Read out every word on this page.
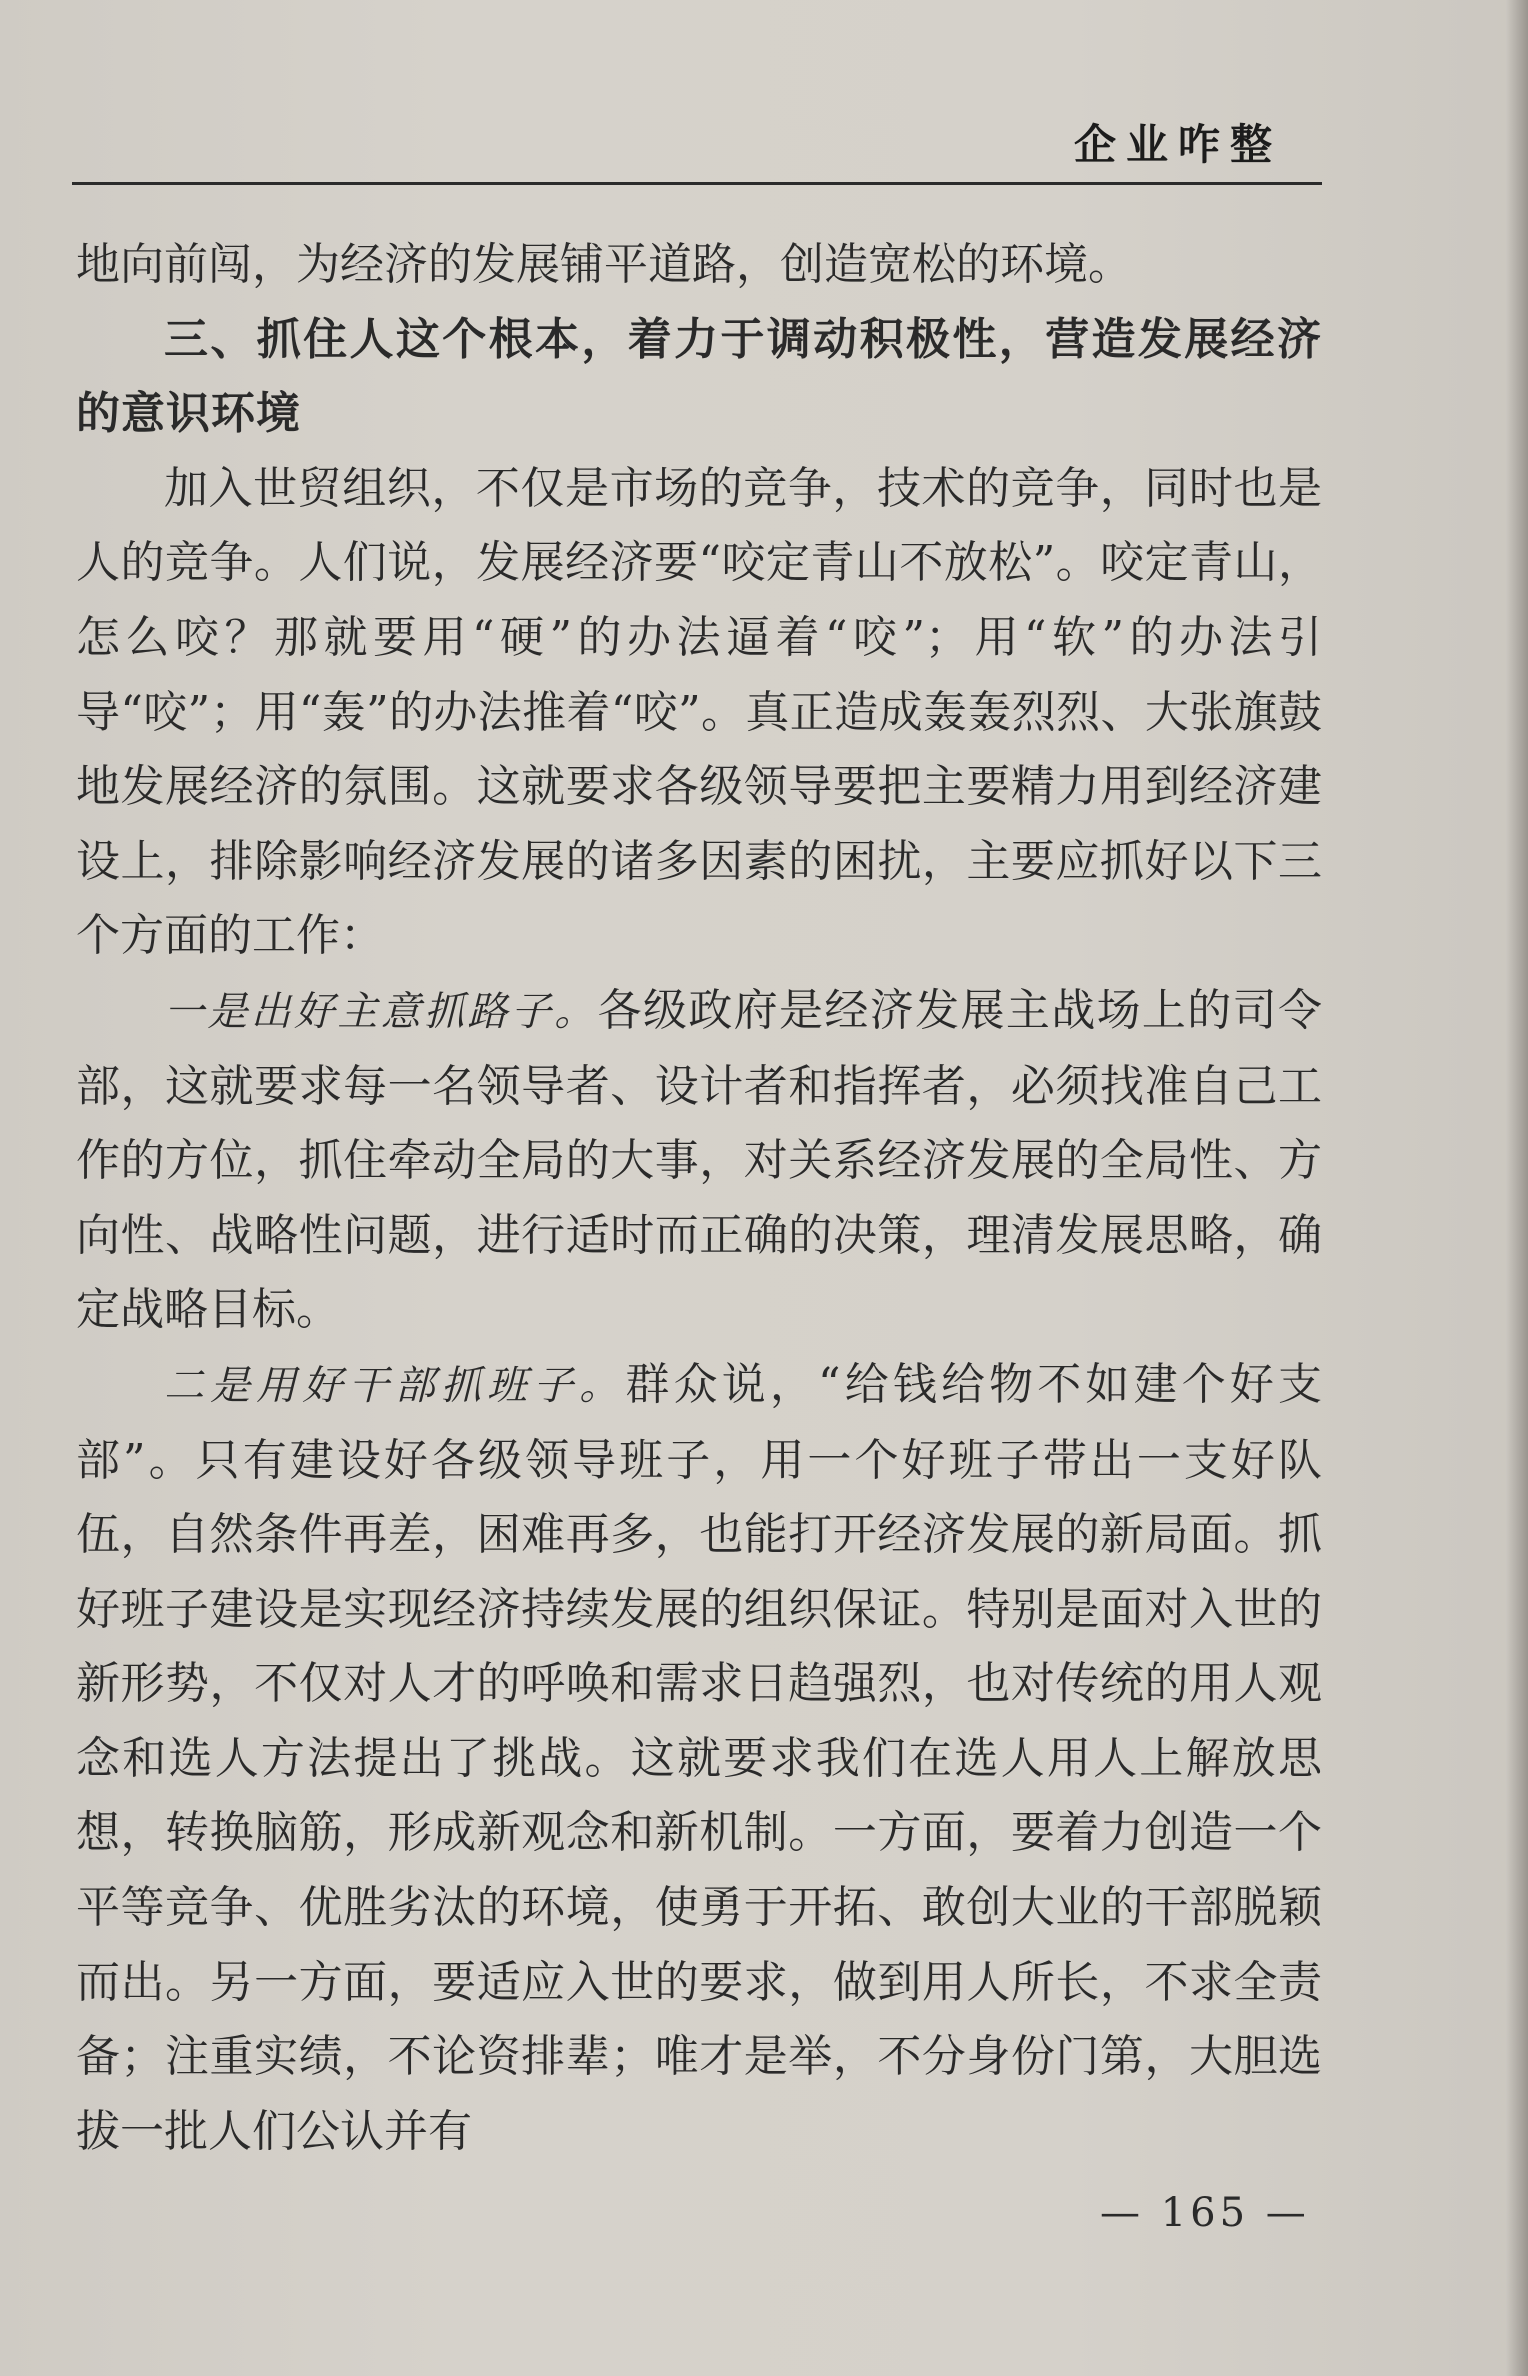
企业咋整

地向前闯，为经济的发展铺平道路，创造宽松的环境。

三、抓住人这个根本，着力于调动积极性，营造发展经济的意识环境

加入世贸组织，不仅是市场的竞争，技术的竞争，同时也是人的竞争。人们说，发展经济要“咬定青山不放松”。咬定青山，怎么咬？那就要用“硬”的办法逼着“咬”；用“软”的办法引导“咬”；用“轰”的办法推着“咬”。真正造成轰轰烈烈、大张旗鼓地发展经济的氛围。这就要求各级领导要把主要精力用到经济建设上，排除影响经济发展的诸多因素的困扰，主要应抓好以下三个方面的工作：

一是出好主意抓路子。各级政府是经济发展主战场上的司令部，这就要求每一名领导者、设计者和指挥者，必须找准自己工作的方位，抓住牵动全局的大事，对关系经济发展的全局性、方向性、战略性问题，进行适时而正确的决策，理清发展思略，确定战略目标。

二是用好干部抓班子。群众说，“给钱给物不如建个好支部”。只有建设好各级领导班子，用一个好班子带出一支好队伍，自然条件再差，困难再多，也能打开经济发展的新局面。抓好班子建设是实现经济持续发展的组织保证。特别是面对入世的新形势，不仅对人才的呼唤和需求日趋强烈，也对传统的用人观念和选人方法提出了挑战。这就要求我们在选人用人上解放思想，转换脑筋，形成新观念和新机制。一方面，要着力创造一个平等竞争、优胜劣汰的环境，使勇于开拓、敢创大业的干部脱颖而出。另一方面，要适应入世的要求，做到用人所长，不求全责备；注重实绩，不论资排辈；唯才是举，不分身份门第，大胆选拔一批人们公认并有

— 165 —
